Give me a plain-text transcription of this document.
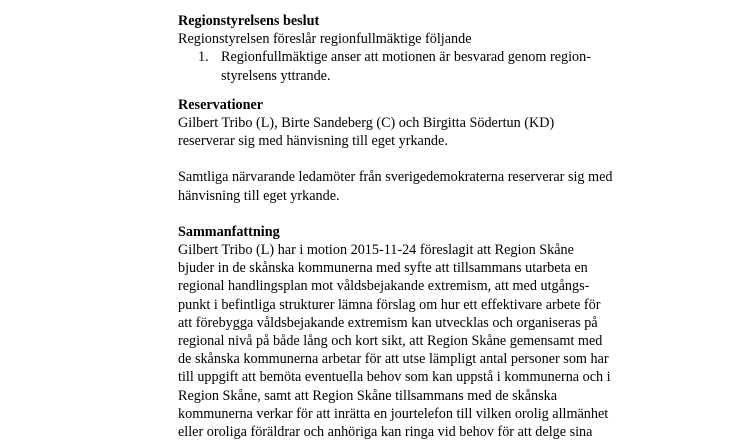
Regionstyrelsens beslut

Regionstyrelsen föreslår regionfullmäktige följande

1. Regionfullmäktige anser att motionen är besvarad genom region-
styrelsens yttrande.

Reservationer

Gilbert Tribo (L), Birte Sandeberg (C) och Birgitta Södertun (KD)

reserverar sig med hänvisning till eget yrkande.

Samtliga närvarande ledamöter från sverigedemokraterna reserverar sig med

hänvisning till eget yrkande.

Sammanfattning

Gilbert Tribo (L) har i motion 2015-11-24 föreslagit att Region Skåne

bjuder in de skånska kommunerna med syfte att tillsammans utarbeta en

regional handlingsplan mot våldsbejakande extremism, att med utgångs-

punkt i befintliga strukturer lämna förslag om hur ett effektivare arbete för

att förebygga våldsbejakande extremism kan utvecklas och organiseras på

regional nivå på både lång och kort sikt, att Region Skåne gemensamt med

de skånska kommunerna arbetar för att utse lämpligt antal personer som har

till uppgift att bemöta eventuella behov som kan uppstå i kommunerna och i

Region Skåne, samt att Region Skåne tillsammans med de skånska

kommunerna verkar för att inrätta en jourtelefon till vilken orolig allmänhet

eller oroliga föräldrar och anhöriga kan ringa vid behov för att delge sina
